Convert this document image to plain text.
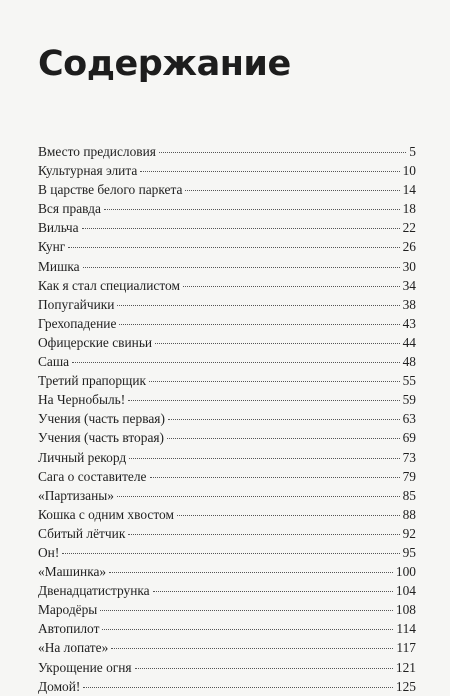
Содержание
Вместо предисловия	5
Культурная элита	10
В царстве белого паркета	14
Вся правда	18
Вильча	22
Кунг	26
Мишка	30
Как я стал специалистом	34
Попугайчики	38
Грехопадение	43
Офицерские свиньи	44
Саша	48
Третий прапорщик	55
На Чернобыль!	59
Учения (часть первая)	63
Учения (часть вторая)	69
Личный рекорд	73
Сага о составителе	79
«Партизаны»	85
Кошка с одним хвостом	88
Сбитый лётчик	92
Он!	95
«Машинка»	100
Двенадцатиструнка	104
Мародёры	108
Автопилот	114
«На лопате»	117
Укрощение огня	121
Домой!	125
